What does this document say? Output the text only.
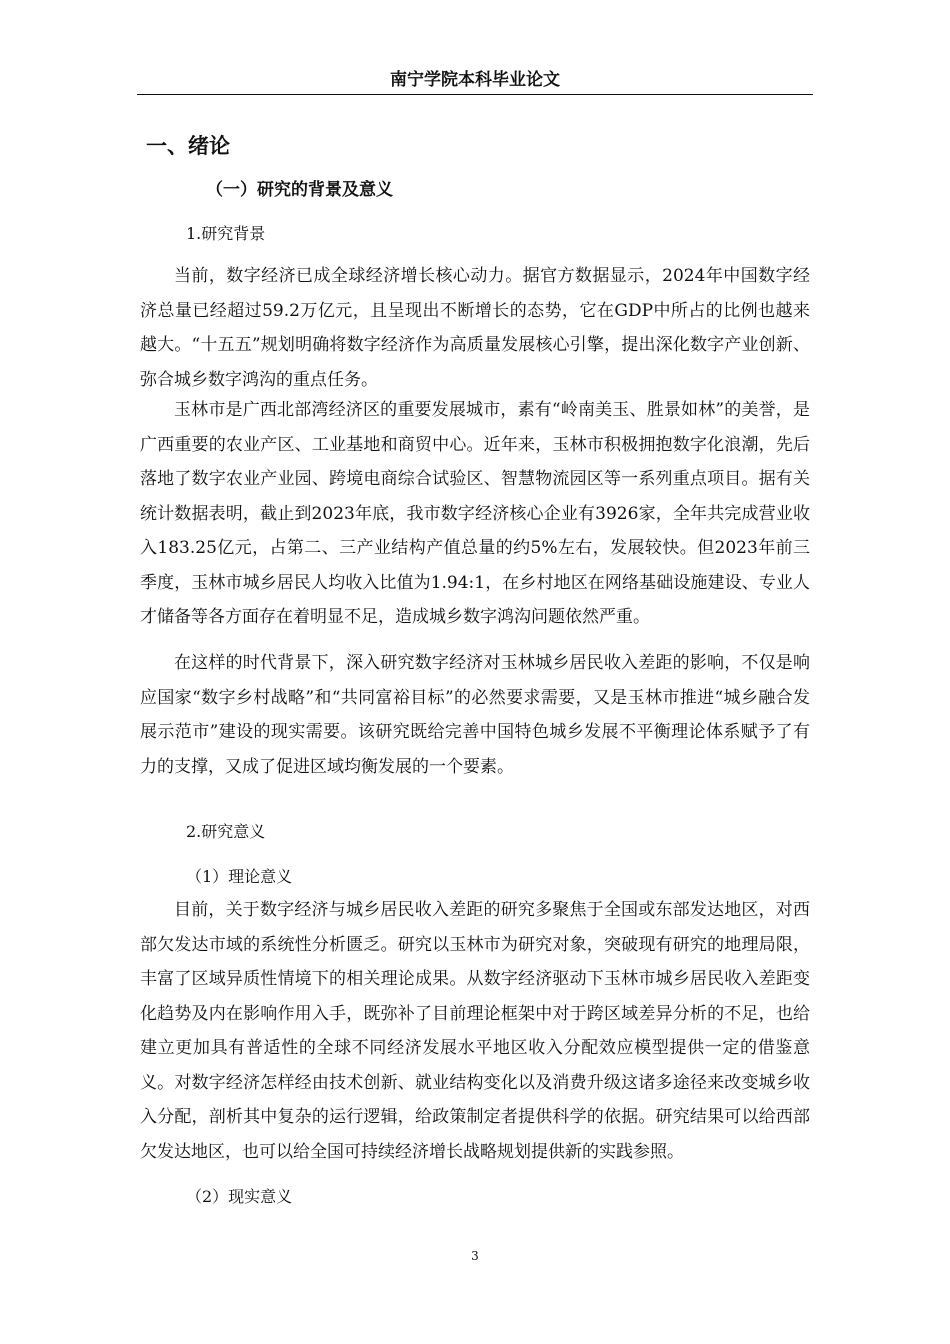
南宁学院本科毕业论文
一、绪论
（一）研究的背景及意义
1.研究背景

当前，数字经济已成全球经济增长核心动力。据官方数据显示，2024年中国数字经济总量已经超过59.2万亿元，且呈现出不断增长的态势，它在GDP中所占的比例也越来越大。“十五五”规划明确将数字经济作为高质量发展核心引擎，提出深化数字产业创新、弥合城乡数字鸿沟的重点任务。

玉林市是广西北部湾经济区的重要发展城市，素有“岭南美玉、胜景如林”的美誉，是广西重要的农业产区、工业基地和商贸中心。近年来，玉林市积极拥抱数字化浪潮，先后落地了数字农业产业园、跨境电商综合试验区、智慧物流园区等一系列重点项目。据有关统计数据表明，截止到2023年底，我市数字经济核心企业有3926家，全年共完成营业收入183.25亿元，占第二、三产业结构产值总量的约5%左右，发展较快。但2023年前三季度，玉林市城乡居民人均收入比值为1.94:1，在乡村地区在网络基础设施建设、专业人才储备等各方面存在着明显不足，造成城乡数字鸿沟问题依然严重。

在这样的时代背景下，深入研究数字经济对玉林城乡居民收入差距的影响，不仅是响应国家“数字乡村战略”和“共同富裕目标”的必然要求需要，又是玉林市推进“城乡融合发展示范市”建设的现实需要。该研究既给完善中国特色城乡发展不平衡理论体系赋予了有力的支撑，又成了促进区域均衡发展的一个要素。

2.研究意义
（1）理论意义

目前，关于数字经济与城乡居民收入差距的研究多聚焦于全国或东部发达地区，对西部欠发达市域的系统性分析匮乏。研究以玉林市为研究对象，突破现有研究的地理局限，丰富了区域异质性情境下的相关理论成果。从数字经济驱动下玉林市城乡居民收入差距变化趋势及内在影响作用入手，既弥补了目前理论框架中对于跨区域差异分析的不足，也给建立更加具有普适性的全球不同经济发展水平地区收入分配效应模型提供一定的借鉴意义。对数字经济怎样经由技术创新、就业结构变化以及消费升级这诸多途径来改变城乡收入分配，剖析其中复杂的运行逻辑，给政策制定者提供科学的依据。研究结果可以给西部欠发达地区，也可以给全国可持续经济增长战略规划提供新的实践参照。

（2）现实意义
3
